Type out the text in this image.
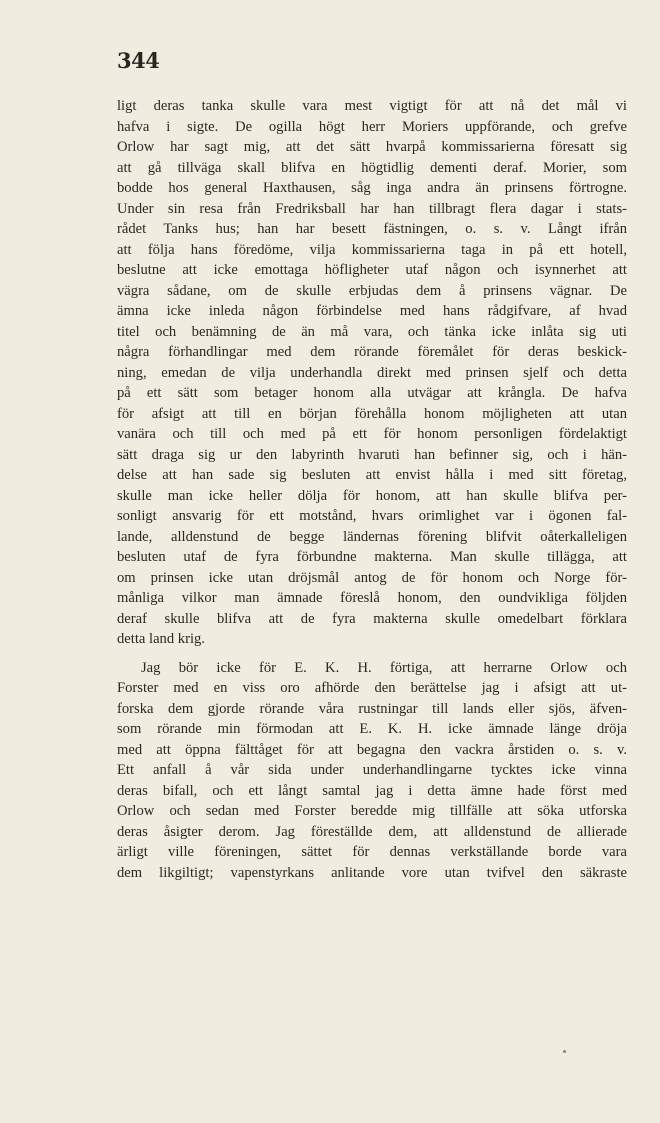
344
ligt deras tanka skulle vara mest vigtigt för att nå det mål vi
hafva i sigte. De ogilla högt herr Moriers uppförande, och grefve
Orlow har sagt mig, att det sätt hvarpå kommissarierna föresatt sig
att gå tillväga skall blifva en högtidlig dementi deraf. Morier, som
bodde hos general Haxthausen, såg inga andra än prinsens förtrogne.
Under sin resa från Fredriksball har han tillbragt flera dagar i stats-
rådet Tanks hus; han har besett fästningen, o. s. v. Långt ifrån
att följa hans föredöme, vilja kommissarierna taga in på ett hotell,
beslutne att icke emottaga höfligheter utaf någon och isynnerhet att
vägra sådane, om de skulle erbjudas dem å prinsens vägnar. De
ämna icke inleda någon förbindelse med hans rådgifvare, af hvad
titel och benämning de än må vara, och tänka icke inlåta sig uti
några förhandlingar med dem rörande föremålet för deras beskick-
ning, emedan de vilja underhandla direkt med prinsen sjelf och detta
på ett sätt som betager honom alla utvägar att krångla. De hafva
för afsigt att till en början förehålla honom möjligheten att utan
vanära och till och med på ett för honom personligen fördelaktigt
sätt draga sig ur den labyrinth hvaruti han befinner sig, och i hän-
delse att han sade sig besluten att envist hålla i med sitt företag,
skulle man icke heller dölja för honom, att han skulle blifva per-
sonligt ansvarig för ett motstånd, hvars orimlighet var i ögonen fal-
lande, alldenstund de begge ländernas förening blifvit oåterkalleligen
besluten utaf de fyra förbundne makterna. Man skulle tillägga, att
om prinsen icke utan dröjsmål antog de för honom och Norge för-
månliga vilkor man ämnade föreslå honom, den oundvikliga följden
deraf skulle blifva att de fyra makterna skulle omedelbart förklara
detta land krig.
Jag bör icke för E. K. H. förtiga, att herrarne Orlow och
Forster med en viss oro afhörde den berättelse jag i afsigt att ut-
forska dem gjorde rörande våra rustningar till lands eller sjös, äfven-
som rörande min förmodan att E. K. H. icke ämnade länge dröja
med att öppna fälttåget för att begagna den vackra årstiden o. s. v.
Ett anfall å vår sida under underhandlingarne tycktes icke vinna
deras bifall, och ett långt samtal jag i detta ämne hade först med
Orlow och sedan med Forster beredde mig tillfälle att söka utforska
deras åsigter derom. Jag föreställde dem, att alldenstund de allierade
ärligt ville föreningen, sättet för dennas verkställande borde vara
dem likgiltigt; vapenstyrkans anlitande vore utan tvifvel den säkraste
